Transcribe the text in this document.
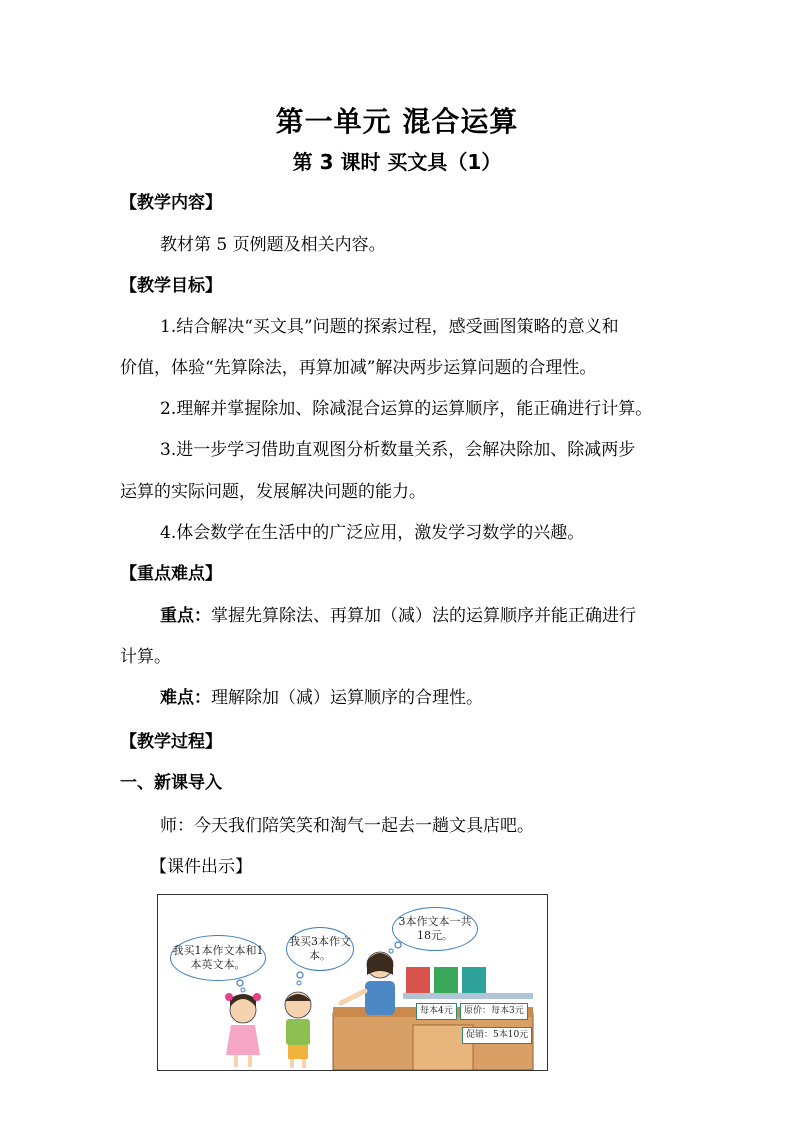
第一单元 混合运算
第 3 课时 买文具（1）
【教学内容】
教材第 5 页例题及相关内容。
【教学目标】
1.结合解决“买文具”问题的探索过程，感受画图策略的意义和
价值，体验“先算除法，再算加减”解决两步运算问题的合理性。
2.理解并掌握除加、除减混合运算的运算顺序，能正确进行计算。
3.进一步学习借助直观图分析数量关系，会解决除加、除减两步
运算的实际问题，发展解决问题的能力。
4.体会数学在生活中的广泛应用，激发学习数学的兴趣。
【重点难点】
重点：掌握先算除法、再算加（减）法的运算顺序并能正确进行
计算。
难点：理解除加（减）运算顺序的合理性。
【教学过程】
一、新课导入
师：今天我们陪笑笑和淘气一起去一趟文具店吧。
【课件出示】
我买1本作文本和1本英文本。
我买3本作文本。
3本作文本一共18元。
每本4元	原价：每本3元
促销：5本10元
